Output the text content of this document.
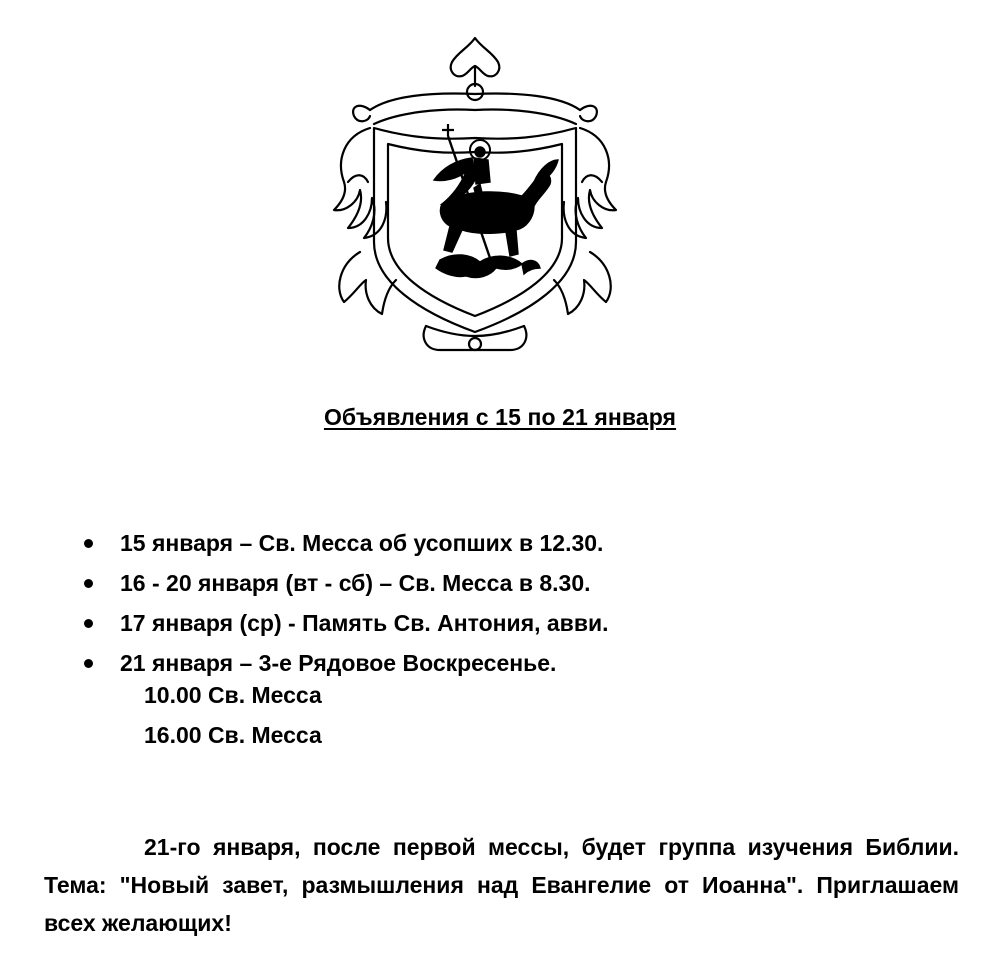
Объявления с 15 по 21 января
15 января – Св. Месса об усопших в 12.30.
16 - 20 января (вт - сб) – Св. Месса в 8.30.
17 января (ср) - Память Св. Антония, авви.
21 января – 3-е Рядовое Воскресенье.
10.00 Св. Месса
16.00 Св. Месса

21-го января, после первой мессы, будет группа изучения Библии. Тема: "Новый завет, размышления над Евангелие от Иоанна". Приглашаем всех желающих!
